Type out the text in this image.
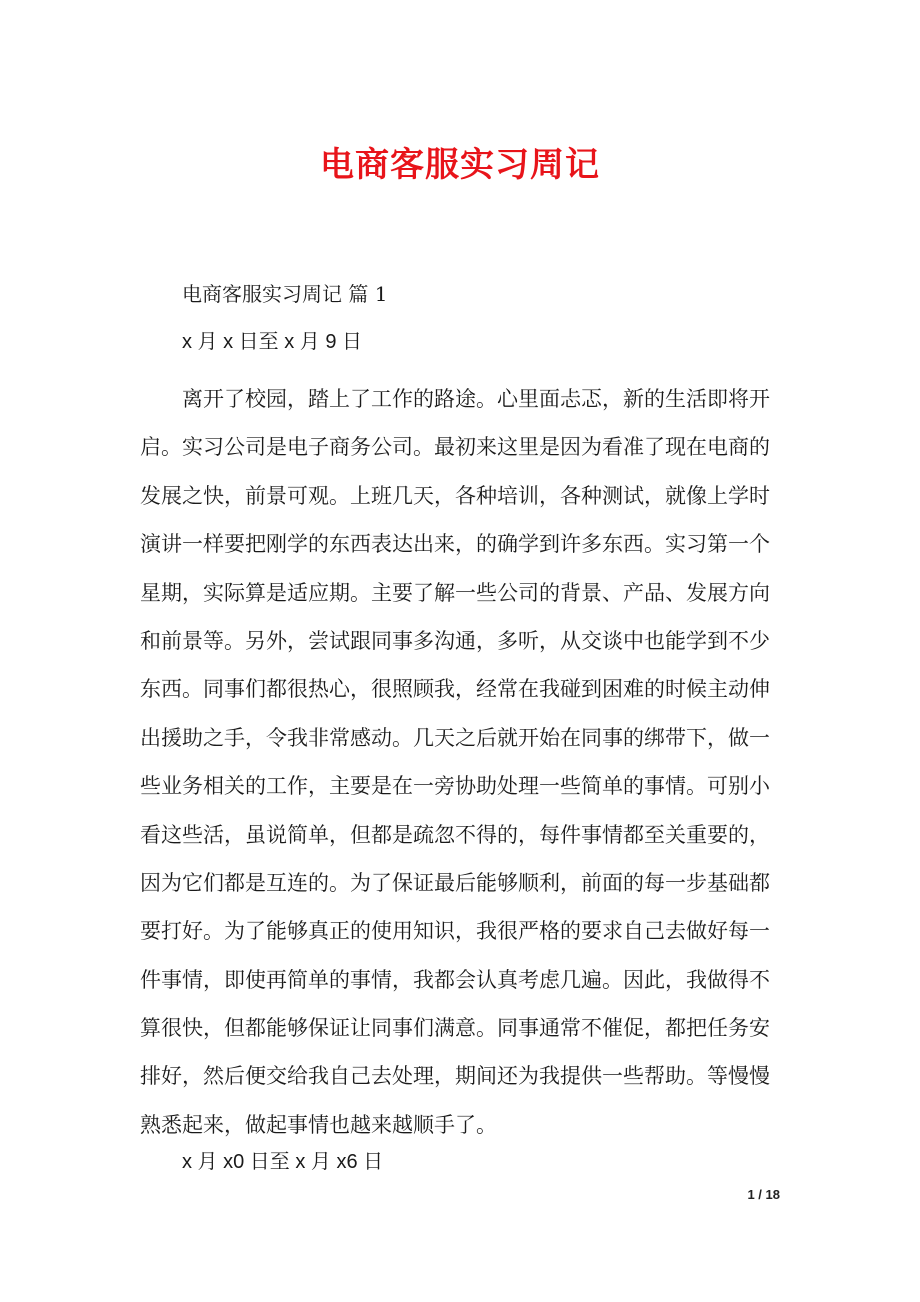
电商客服实习周记
电商客服实习周记 篇 1
x 月 x 日至 x 月 9 日
离开了校园，踏上了工作的路途。心里面忐忑，新的生活即将开
启。实习公司是电子商务公司。最初来这里是因为看准了现在电商的
发展之快，前景可观。上班几天，各种培训，各种测试，就像上学时
演讲一样要把刚学的东西表达出来，的确学到许多东西。实习第一个
星期，实际算是适应期。主要了解一些公司的背景、产品、发展方向
和前景等。另外，尝试跟同事多沟通，多听，从交谈中也能学到不少
东西。同事们都很热心，很照顾我，经常在我碰到困难的时候主动伸
出援助之手，令我非常感动。几天之后就开始在同事的绑带下，做一
些业务相关的工作，主要是在一旁协助处理一些简单的事情。可别小
看这些活，虽说简单，但都是疏忽不得的，每件事情都至关重要的，
因为它们都是互连的。为了保证最后能够顺利，前面的每一步基础都
要打好。为了能够真正的使用知识，我很严格的要求自己去做好每一
件事情，即使再简单的事情，我都会认真考虑几遍。因此，我做得不
算很快，但都能够保证让同事们满意。同事通常不催促，都把任务安
排好，然后便交给我自己去处理，期间还为我提供一些帮助。等慢慢
熟悉起来，做起事情也越来越顺手了。
x 月 x0 日至 x 月 x6 日
1 / 18
